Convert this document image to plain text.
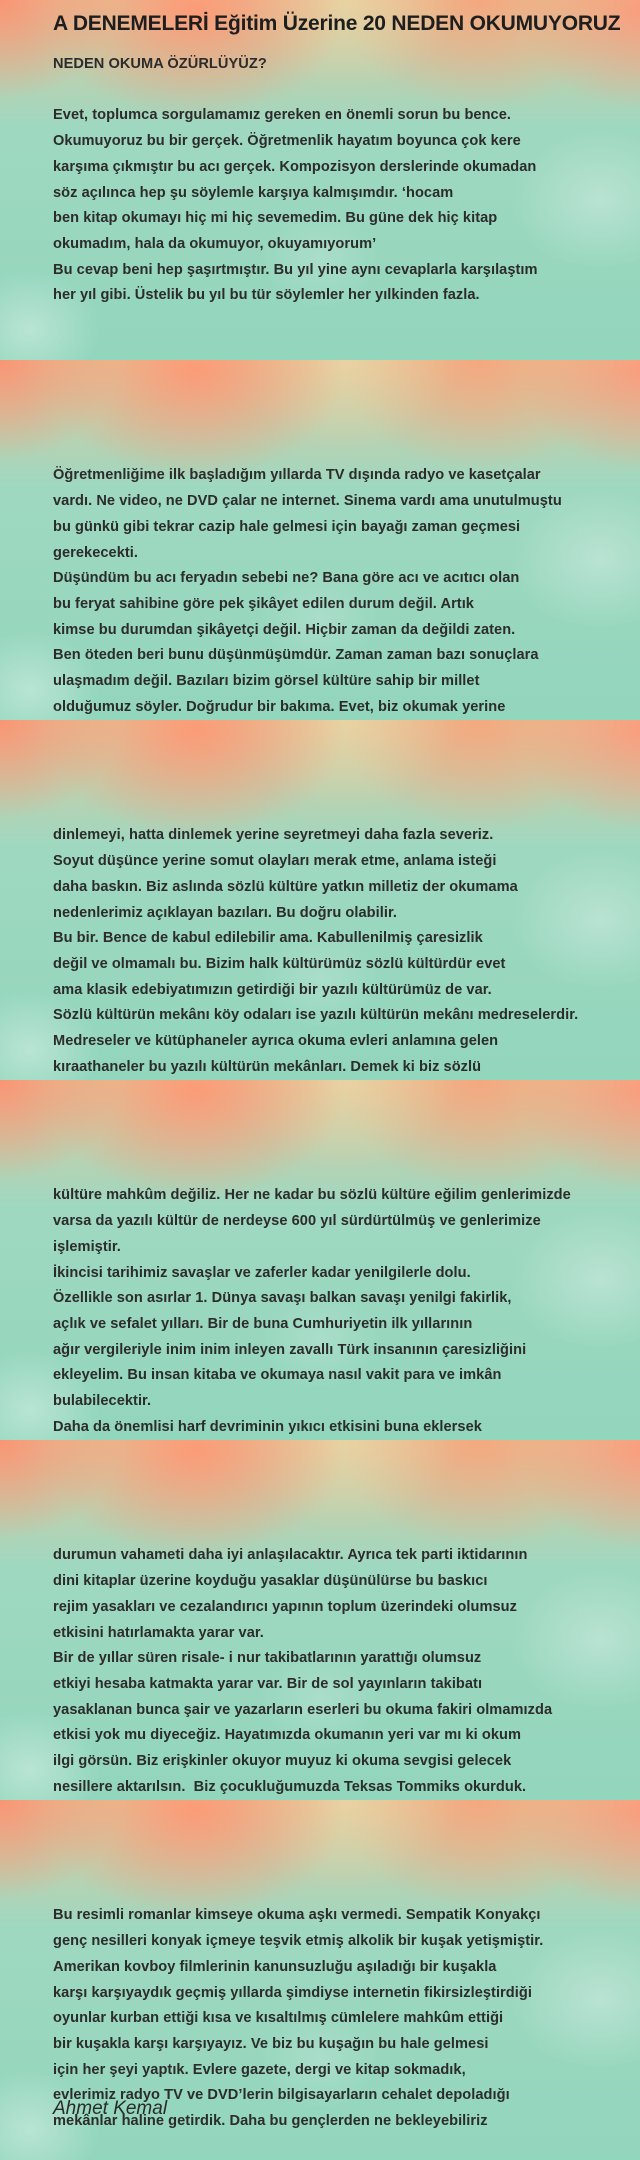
A DENEMELERİ Eğitim Üzerine 20 NEDEN OKUMUYORUZ

NEDEN OKUMA ÖZÜRLÜYÜZ?

Evet, toplumca sorgulamamız gereken en önemli sorun bu bence.
Okumuyoruz bu bir gerçek. Öğretmenlik hayatım boyunca çok kere
karşıma çıkmıştır bu acı gerçek. Kompozisyon derslerinde okumadan
söz açılınca hep şu söylemle karşıya kalmışımdır. ‘hocam
ben kitap okumayı hiç mi hiç sevemedim. Bu güne dek hiç kitap
okumadım, hala da okumuyor, okuyamıyorum’
Bu cevap beni hep şaşırtmıştır. Bu yıl yine aynı cevaplarla karşılaştım
her yıl gibi. Üstelik bu yıl bu tür söylemler her yılkinden fazla.

Öğretmenliğime ilk başladığım yıllarda TV dışında radyo ve kasetçalar
vardı. Ne video, ne DVD çalar ne internet. Sinema vardı ama unutulmuştu
bu günkü gibi tekrar cazip hale gelmesi için bayağı zaman geçmesi
gerekecekti.
Düşündüm bu acı feryadın sebebi ne? Bana göre acı ve acıtıcı olan
bu feryat sahibine göre pek şikâyet edilen durum değil. Artık
kimse bu durumdan şikâyetçi değil. Hiçbir zaman da değildi zaten.
Ben öteden beri bunu düşünmüşümdür. Zaman zaman bazı sonuçlara
ulaşmadım değil. Bazıları bizim görsel kültüre sahip bir millet
olduğumuz söyler. Doğrudur bir bakıma. Evet, biz okumak yerine

dinlemeyi, hatta dinlemek yerine seyretmeyi daha fazla severiz.
Soyut düşünce yerine somut olayları merak etme, anlama isteği
daha baskın. Biz aslında sözlü kültüre yatkın milletiz der okumama
nedenlerimiz açıklayan bazıları. Bu doğru olabilir.
Bu bir. Bence de kabul edilebilir ama. Kabullenilmiş çaresizlik
değil ve olmamalı bu. Bizim halk kültürümüz sözlü kültürdür evet
ama klasik edebiyatımızın getirdiği bir yazılı kültürümüz de var.
Sözlü kültürün mekânı köy odaları ise yazılı kültürün mekânı medreselerdir.
Medreseler ve kütüphaneler ayrıca okuma evleri anlamına gelen
kıraathaneler bu yazılı kültürün mekânları. Demek ki biz sözlü

kültüre mahkûm değiliz. Her ne kadar bu sözlü kültüre eğilim genlerimizde
varsa da yazılı kültür de nerdeyse 600 yıl sürdürtülmüş ve genlerimize
işlemiştir.
İkincisi tarihimiz savaşlar ve zaferler kadar yenilgilerle dolu.
Özellikle son asırlar 1. Dünya savaşı balkan savaşı yenilgi fakirlik,
açlık ve sefalet yılları. Bir de buna Cumhuriyetin ilk yıllarının
ağır vergileriyle inim inim inleyen zavallı Türk insanının çaresizliğini
ekleyelim. Bu insan kitaba ve okumaya nasıl vakit para ve imkân
bulabilecektir.
Daha da önemlisi harf devriminin yıkıcı etkisini buna eklersek

durumun vahameti daha iyi anlaşılacaktır. Ayrıca tek parti iktidarının
dini kitaplar üzerine koyduğu yasaklar düşünülürse bu baskıcı
rejim yasakları ve cezalandırıcı yapının toplum üzerindeki olumsuz
etkisini hatırlamakta yarar var.
Bir de yıllar süren risale- i nur takibatlarının yarattığı olumsuz
etkiyi hesaba katmakta yarar var. Bir de sol yayınların takibatı
yasaklanan bunca şair ve yazarların eserleri bu okuma fakiri olmamızda
etkisi yok mu diyeceğiz. Hayatımızda okumanın yeri var mı ki okum
ilgi görsün. Biz erişkinler okuyor muyuz ki okuma sevgisi gelecek
nesillere aktarılsın.  Biz çocukluğumuzda Teksas Tommiks okurduk.

Bu resimli romanlar kimseye okuma aşkı vermedi. Sempatik Konyakçı
genç nesilleri konyak içmeye teşvik etmiş alkolik bir kuşak yetişmiştir.
Amerikan kovboy filmlerinin kanunsuzluğu aşıladığı bir kuşakla
karşı karşıyaydık geçmiş yıllarda şimdiyse internetin fikirsizleştirdiği
oyunlar kurban ettiği kısa ve kısaltılmış cümlelere mahkûm ettiği
bir kuşakla karşı karşıyayız. Ve biz bu kuşağın bu hale gelmesi
için her şeyi yaptık. Evlere gazete, dergi ve kitap sokmadık,
evlerimiz radyo TV ve DVD’lerin bilgisayarların cehalet depoladığı
mekânlar haline getirdik. Daha bu gençlerden ne bekleyebiliriz

Ahmet Kemal
